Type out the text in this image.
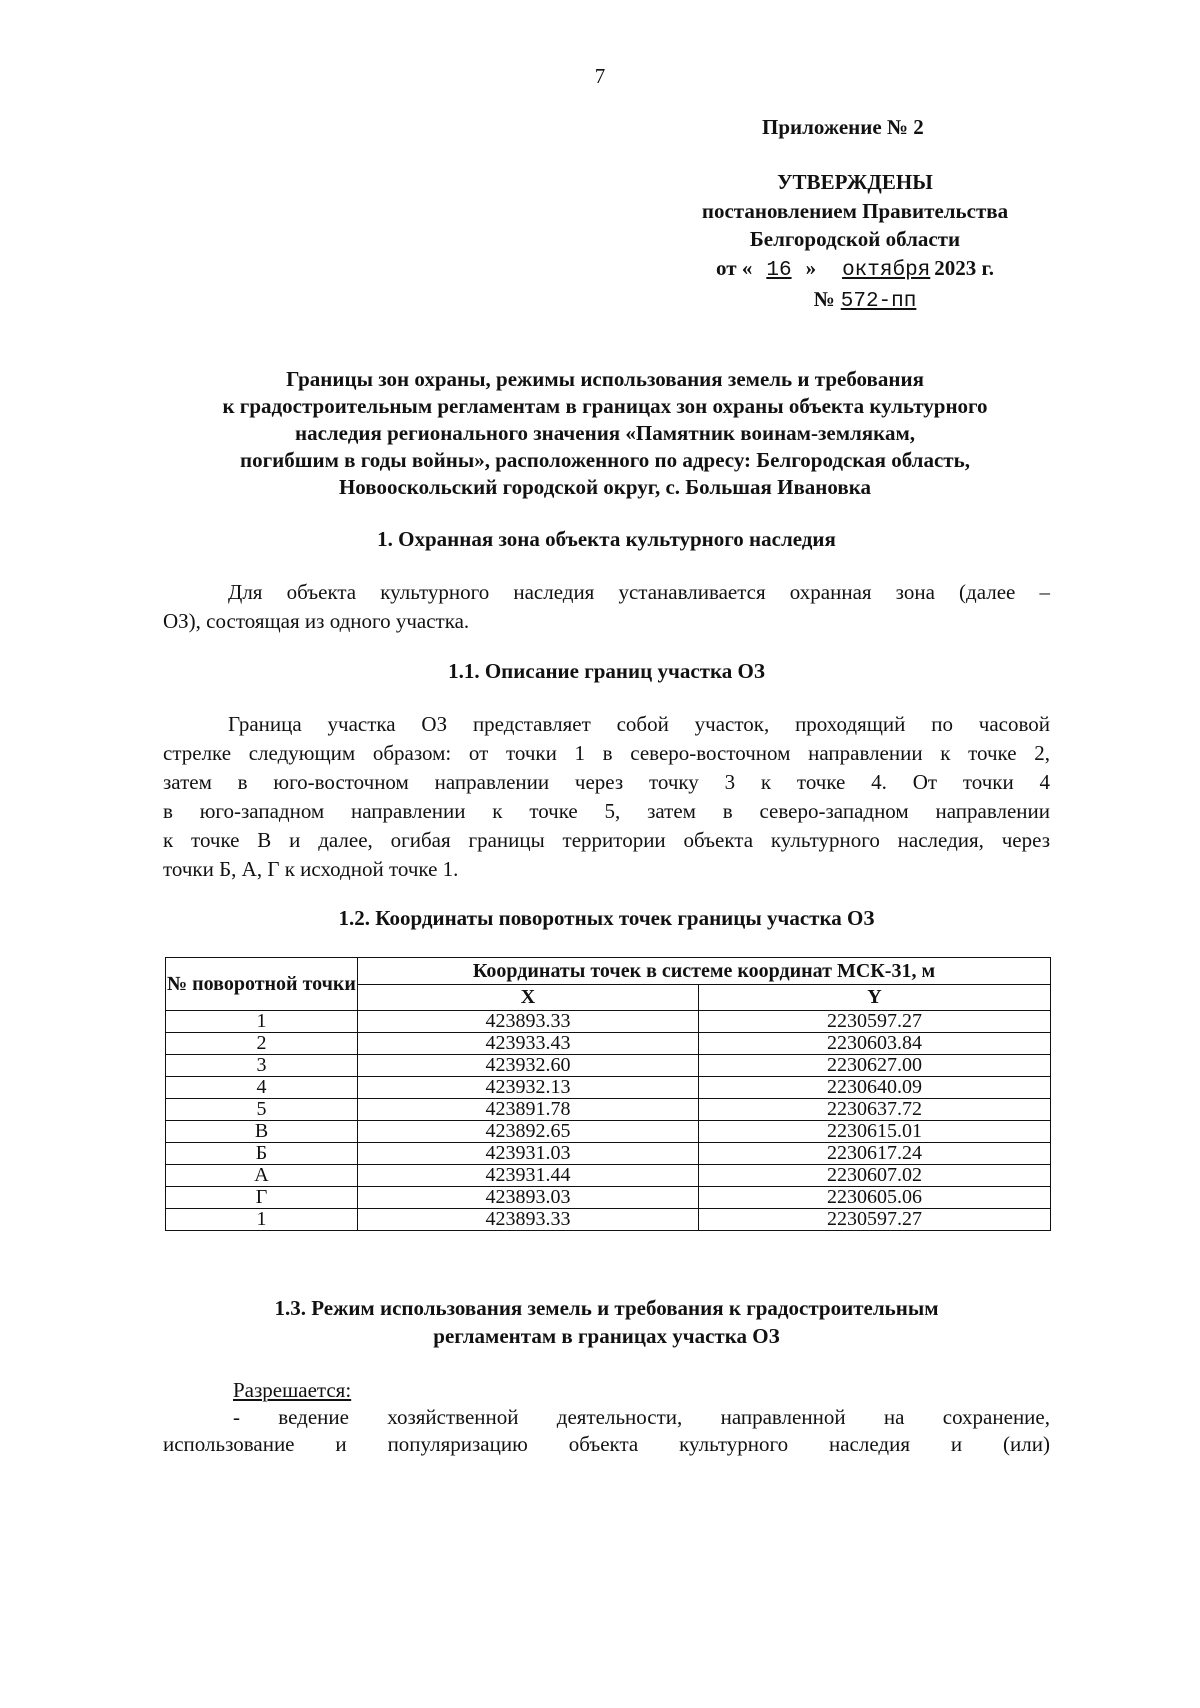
7
Приложение № 2
УТВЕРЖДЕНЫ
постановлением Правительства
Белгородской области
от « 16 » октября 2023 г.
№ 572-пп
Границы зон охраны, режимы использования земель и требования
к градостроительным регламентам в границах зон охраны объекта культурного
наследия регионального значения «Памятник воинам-землякам,
погибшим в годы войны», расположенного по адресу: Белгородская область,
Новооскольский городской округ, с. Большая Ивановка
1. Охранная зона объекта культурного наследия
Для объекта культурного наследия устанавливается охранная зона (далее –
ОЗ), состоящая из одного участка.
1.1. Описание границ участка ОЗ
Граница участка ОЗ представляет собой участок, проходящий по часовой
стрелке следующим образом: от точки 1 в северо-восточном направлении к точке 2,
затем в юго-восточном направлении через точку 3 к точке 4. От точки 4
в юго-западном направлении к точке 5, затем в северо-западном направлении
к точке В и далее, огибая границы территории объекта культурного наследия, через
точки Б, А, Г к исходной точке 1.
1.2. Координаты поворотных точек границы участка ОЗ
№ поворотной точки	Координаты точек в системе координат МСК-31, м	
	X	Y
1	423893.33	2230597.27
2	423933.43	2230603.84
3	423932.60	2230627.00
4	423932.13	2230640.09
5	423891.78	2230637.72
В	423892.65	2230615.01
Б	423931.03	2230617.24
А	423931.44	2230607.02
Г	423893.03	2230605.06
1	423893.33	2230597.27
1.3. Режим использования земель и требования к градостроительным
регламентам в границах участка ОЗ
Разрешается:
- ведение хозяйственной деятельности, направленной на сохранение,
использование и популяризацию объекта культурного наследия и (или)
